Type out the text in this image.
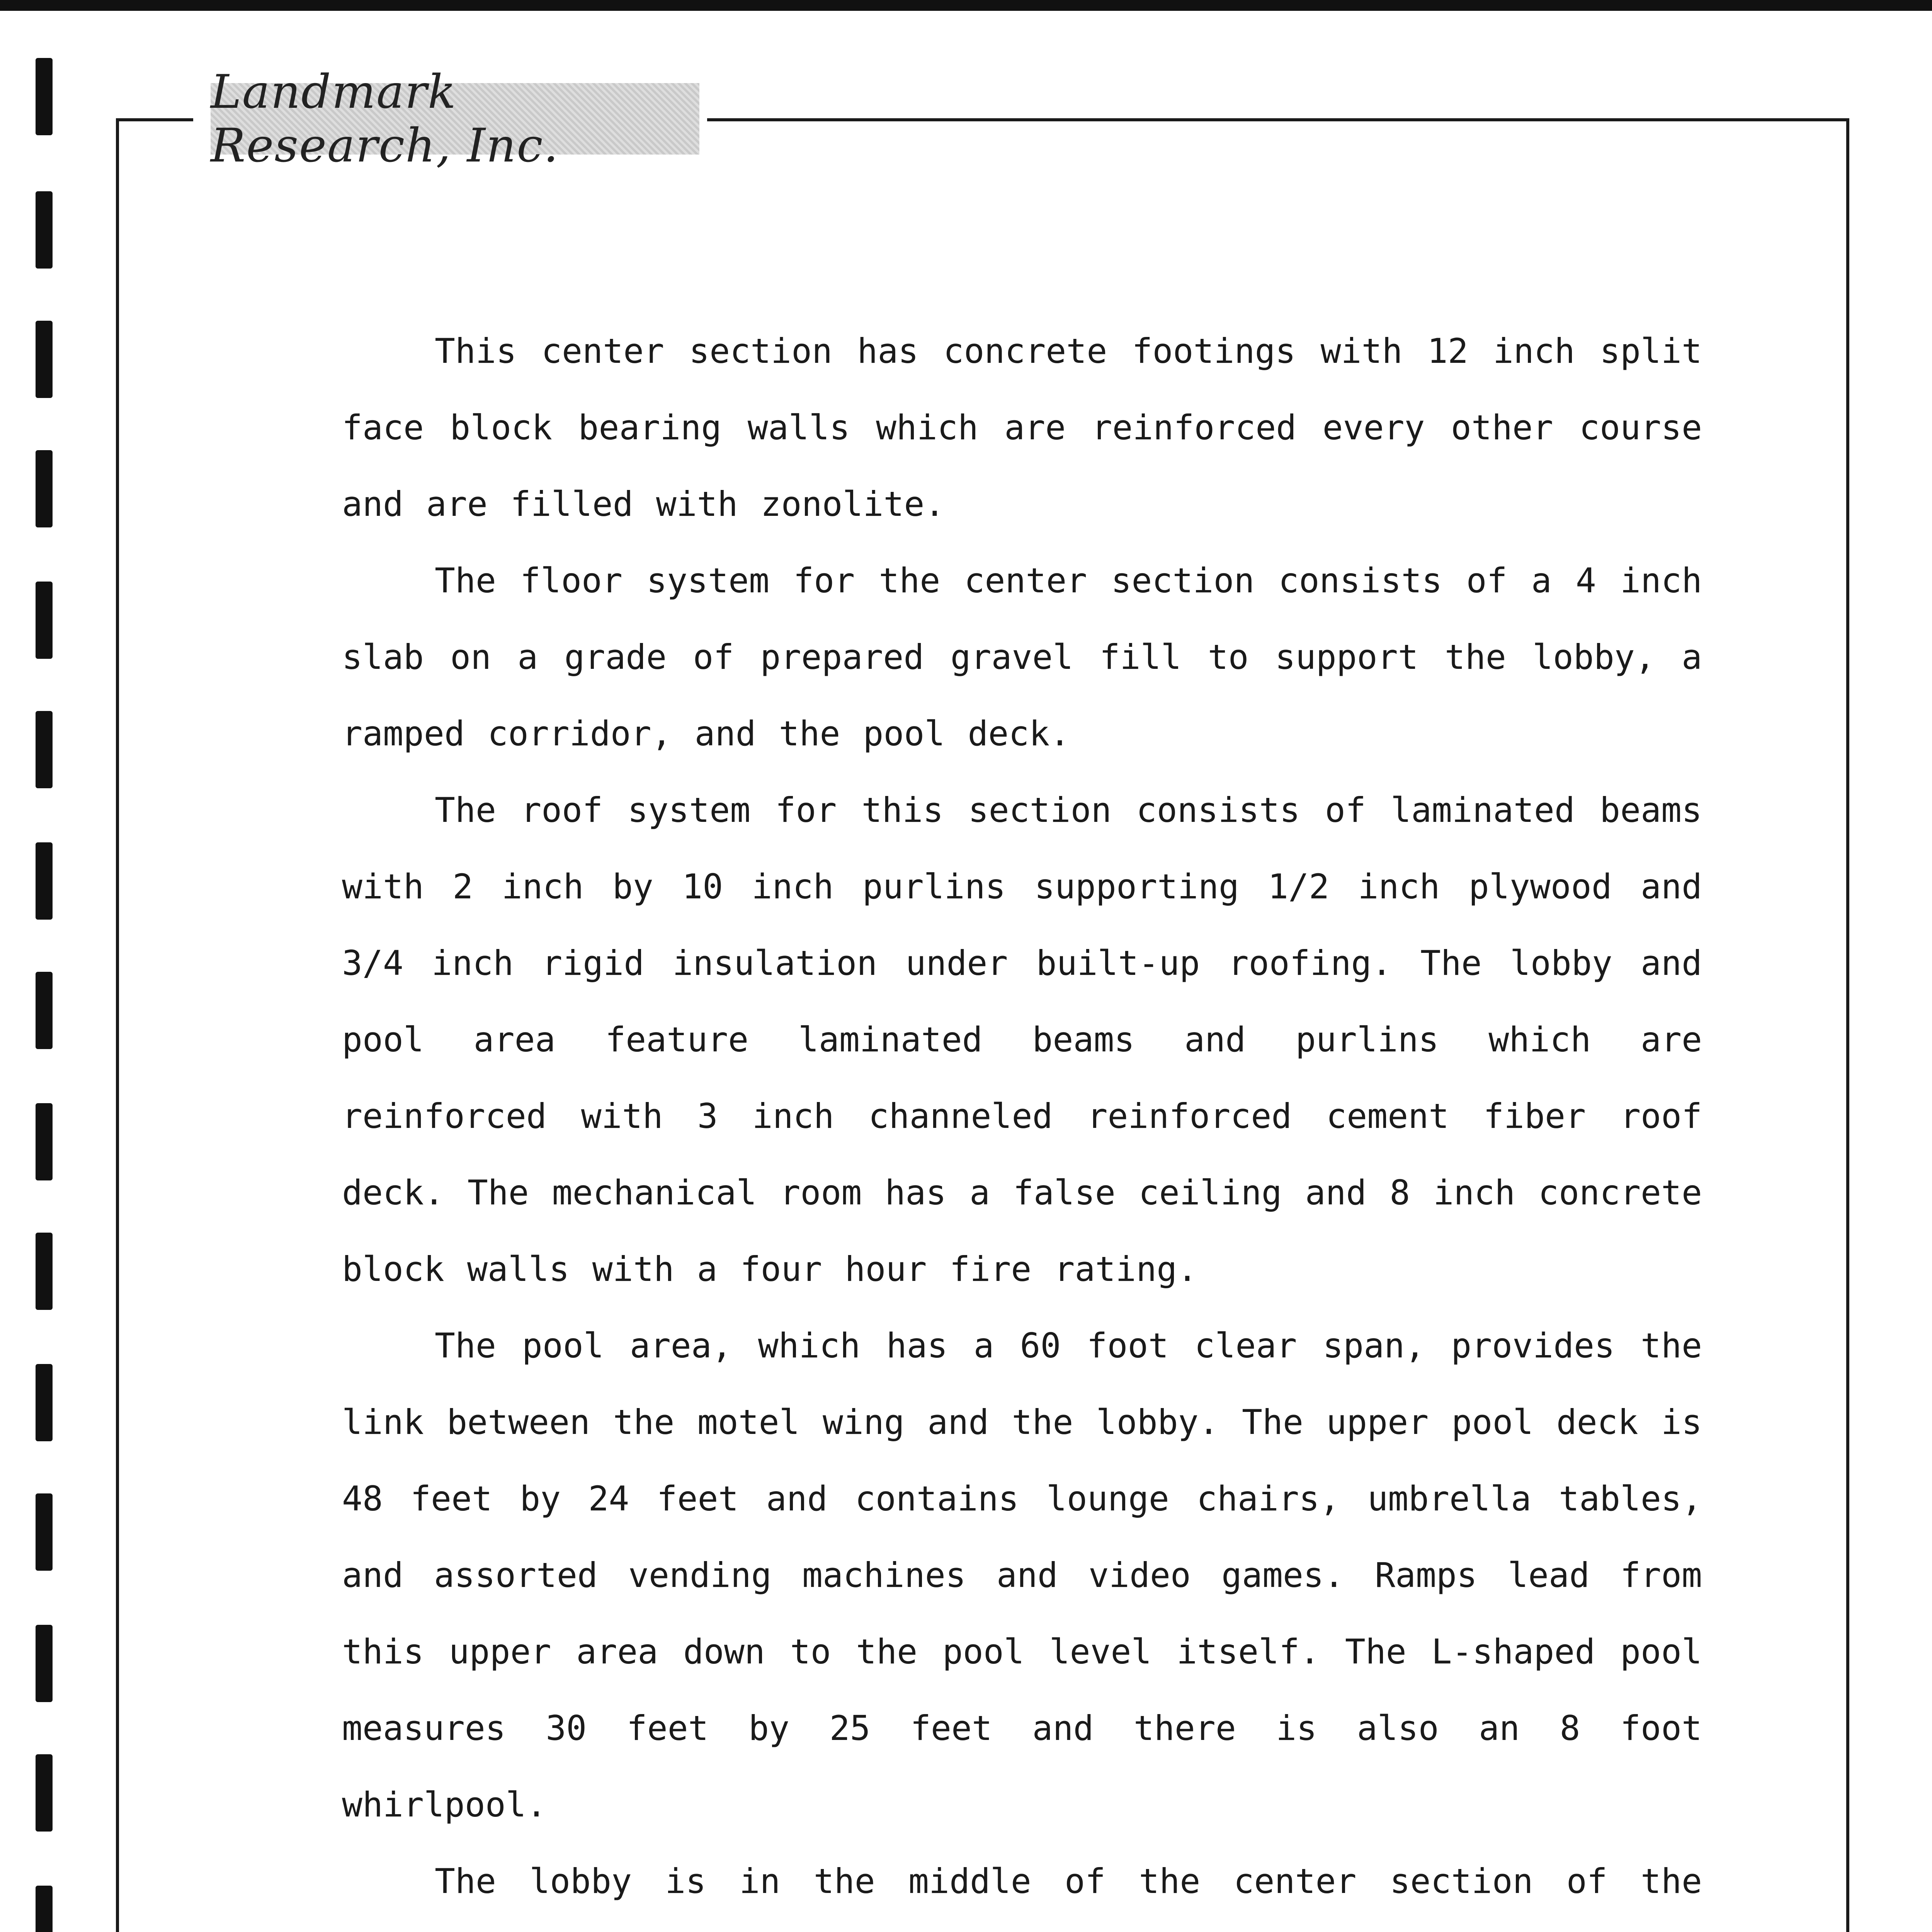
Landmark Research, Inc.

This center section has concrete footings with 12 inch split face block bearing walls which are reinforced every other course and are filled with zonolite.

The floor system for the center section consists of a 4 inch slab on a grade of prepared gravel fill to support the lobby, a ramped corridor, and the pool deck.

The roof system for this section consists of laminated beams with 2 inch by 10 inch purlins supporting 1/2 inch plywood and 3/4 inch rigid insulation under built-up roofing. The lobby and pool area feature laminated beams and purlins which are reinforced with 3 inch channeled reinforced cement fiber roof deck. The mechanical room has a false ceiling and 8 inch concrete block walls with a four hour fire rating.

The pool area, which has a 60 foot clear span, provides the link between the motel wing and the lobby. The upper pool deck is 48 feet by 24 feet and contains lounge chairs, umbrella tables, and assorted vending machines and video games. Ramps lead from this upper area down to the pool level itself. The L-shaped pool measures 30 feet by 25 feet and there is also an 8 foot whirlpool.

The lobby is in the middle of the center section of the
